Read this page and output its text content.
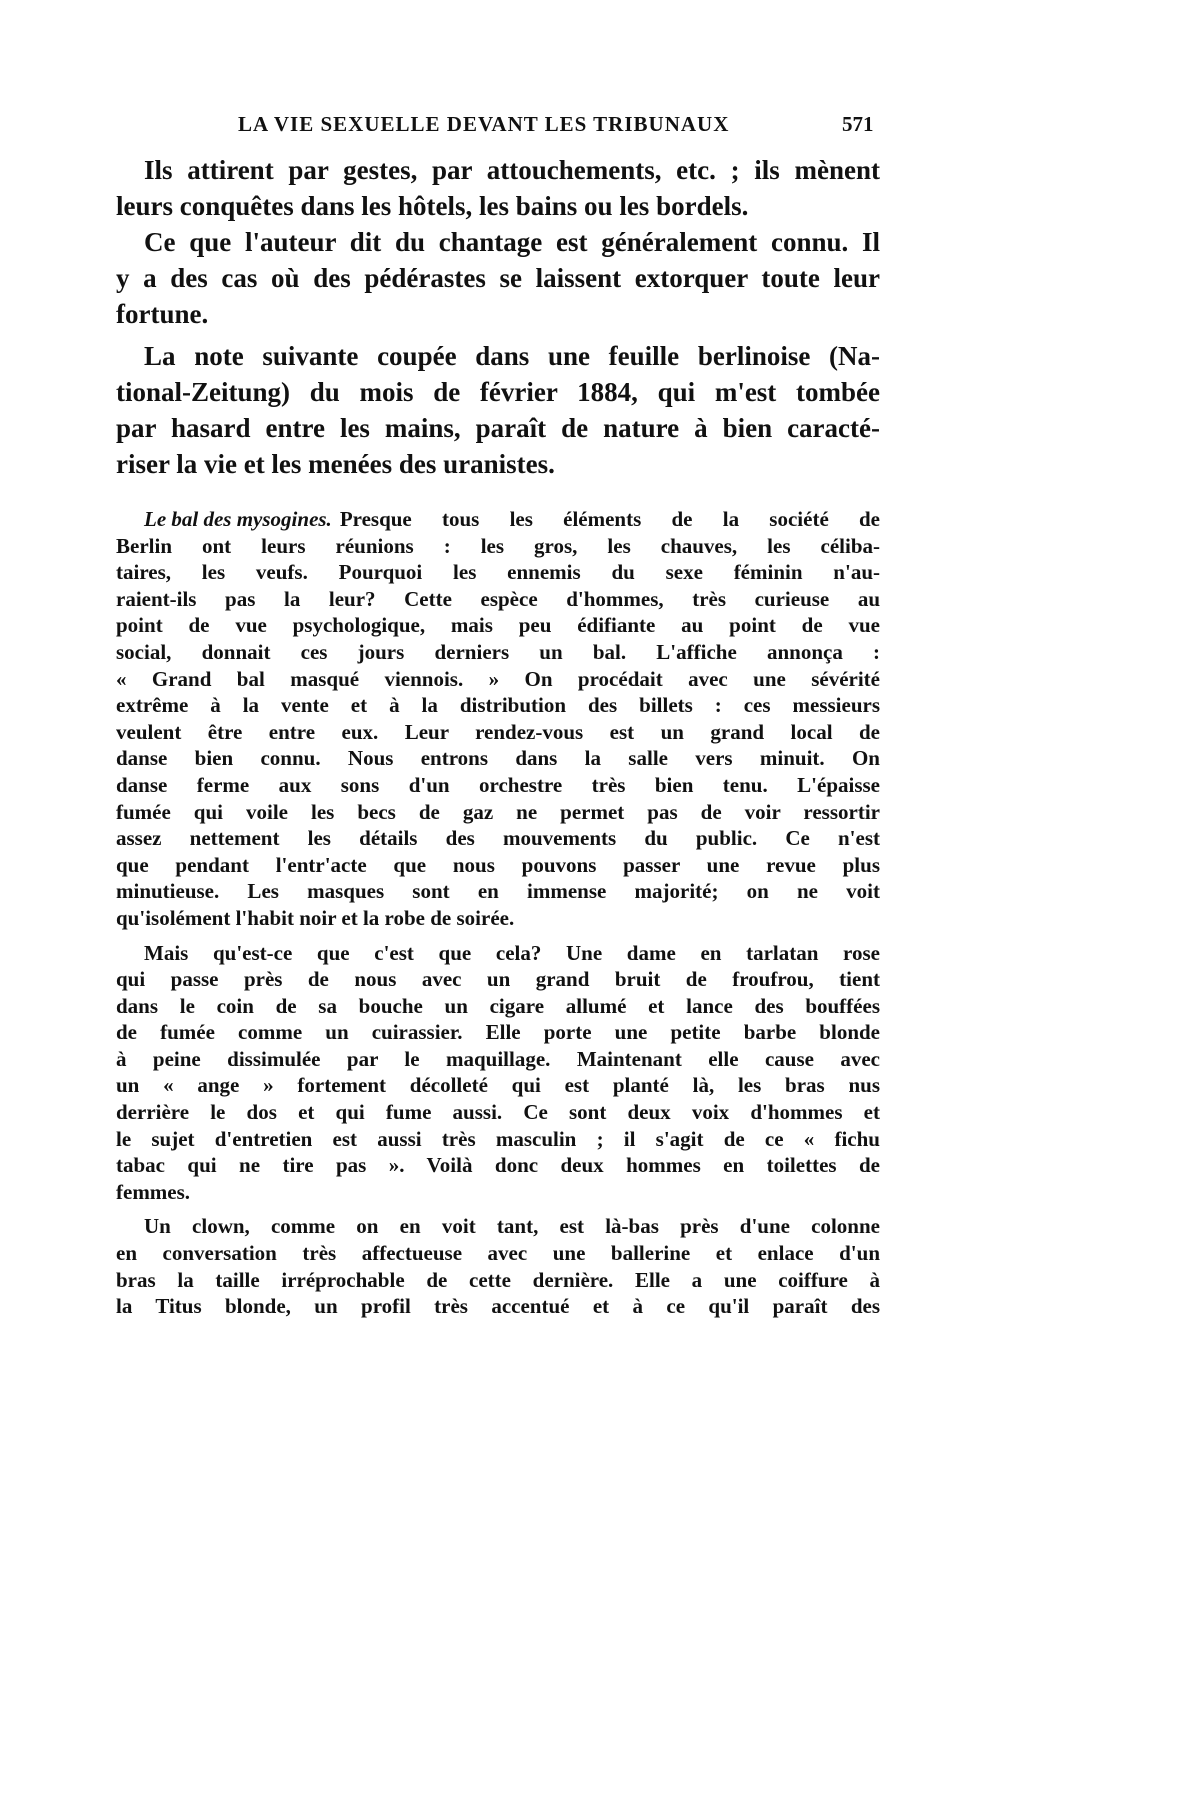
LA VIE SEXUELLE DEVANT LES TRIBUNAUX	571
Ils attirent par gestes, par attouchements, etc. ; ils mènent
leurs conquêtes dans les hôtels, les bains ou les bordels.
Ce que l'auteur dit du chantage est généralement connu. Il
y a des cas où des pédérastes se laissent extorquer toute leur
fortune.
La note suivante coupée dans une feuille berlinoise (Na-
tional-Zeitung) du mois de février 1884, qui m'est tombée
par hasard entre les mains, paraît de nature à bien caracté-
riser la vie et les menées des uranistes.
Le bal des mysogines. Presque tous les éléments de la société de
Berlin ont leurs réunions : les gros, les chauves, les céliba-
taires, les veufs. Pourquoi les ennemis du sexe féminin n'au-
raient-ils pas la leur? Cette espèce d'hommes, très curieuse au
point de vue psychologique, mais peu édifiante au point de vue
social, donnait ces jours derniers un bal. L'affiche annonça :
« Grand bal masqué viennois. » On procédait avec une sévérité
extrême à la vente et à la distribution des billets : ces messieurs
veulent être entre eux. Leur rendez-vous est un grand local de
danse bien connu. Nous entrons dans la salle vers minuit. On
danse ferme aux sons d'un orchestre très bien tenu. L'épaisse
fumée qui voile les becs de gaz ne permet pas de voir ressortir
assez nettement les détails des mouvements du public. Ce n'est
que pendant l'entr'acte que nous pouvons passer une revue plus
minutieuse. Les masques sont en immense majorité; on ne voit
qu'isolément l'habit noir et la robe de soirée.
Mais qu'est-ce que c'est que cela? Une dame en tarlatan rose
qui passe près de nous avec un grand bruit de froufrou, tient
dans le coin de sa bouche un cigare allumé et lance des bouffées
de fumée comme un cuirassier. Elle porte une petite barbe blonde
à peine dissimulée par le maquillage. Maintenant elle cause avec
un « ange » fortement décolleté qui est planté là, les bras nus
derrière le dos et qui fume aussi. Ce sont deux voix d'hommes et
le sujet d'entretien est aussi très masculin ; il s'agit de ce « fichu
tabac qui ne tire pas ». Voilà donc deux hommes en toilettes de
femmes.
Un clown, comme on en voit tant, est là-bas près d'une colonne
en conversation très affectueuse avec une ballerine et enlace d'un
bras la taille irréprochable de cette dernière. Elle a une coiffure à
la Titus blonde, un profil très accentué et à ce qu'il paraît des
